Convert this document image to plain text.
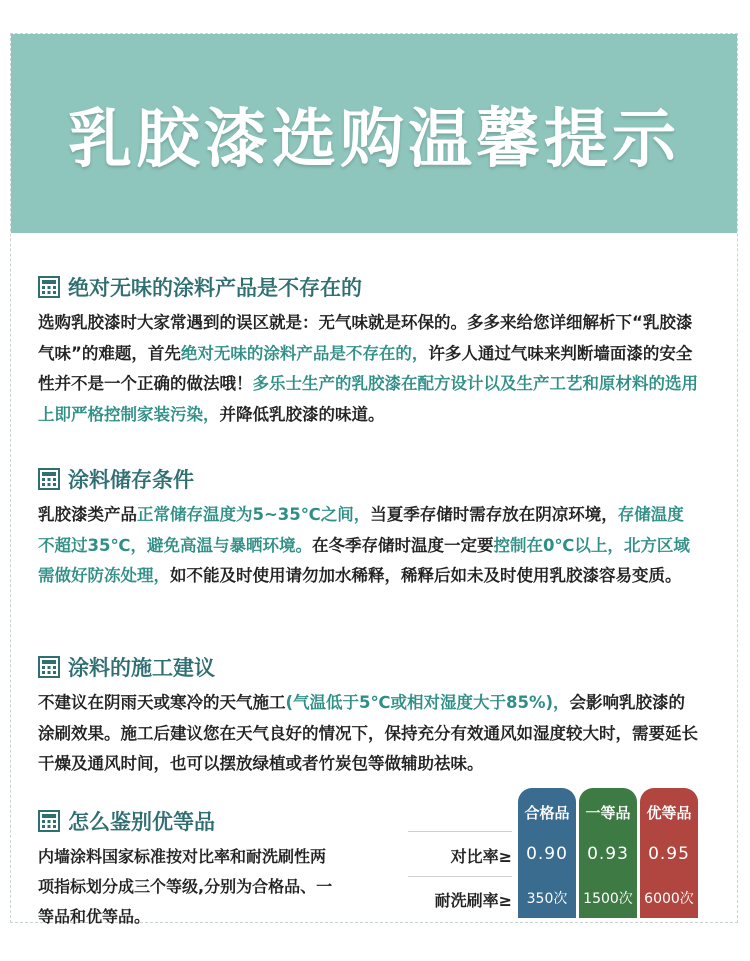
乳胶漆选购温馨提示
绝对无味的涂料产品是不存在的
选购乳胶漆时大家常遇到的误区就是：无气味就是环保的。多多来给您详细解析下“乳胶漆气味”的难题，首先绝对无味的涂料产品是不存在的，许多人通过气味来判断墙面漆的安全性并不是一个正确的做法哦！多乐士生产的乳胶漆在配方设计以及生产工艺和原材料的选用上即严格控制家装污染，并降低乳胶漆的味道。
涂料储存条件
乳胶漆类产品正常储存温度为5~35℃之间，当夏季存储时需存放在阴凉环境，存储温度不超过35℃，避免高温与暴晒环境。在冬季存储时温度一定要控制在0℃以上，北方区域需做好防冻处理，如不能及时使用请勿加水稀释，稀释后如未及时使用乳胶漆容易变质。
涂料的施工建议
不建议在阴雨天或寒冷的天气施工(气温低于5℃或相对湿度大于85%)，会影响乳胶漆的涂刷效果。施工后建议您在天气良好的情况下，保持充分有效通风如湿度较大时，需要延长干燥及通风时间，也可以摆放绿植或者竹炭包等做辅助祛味。
怎么鉴别优等品
内墙涂料国家标准按对比率和耐洗刷性两项指标划分成三个等级,分别为合格品、一等品和优等品。
对比率≥
耐洗刷率≥
合格品
0.90
350次
一等品
0.93
1500次
优等品
0.95
6000次
